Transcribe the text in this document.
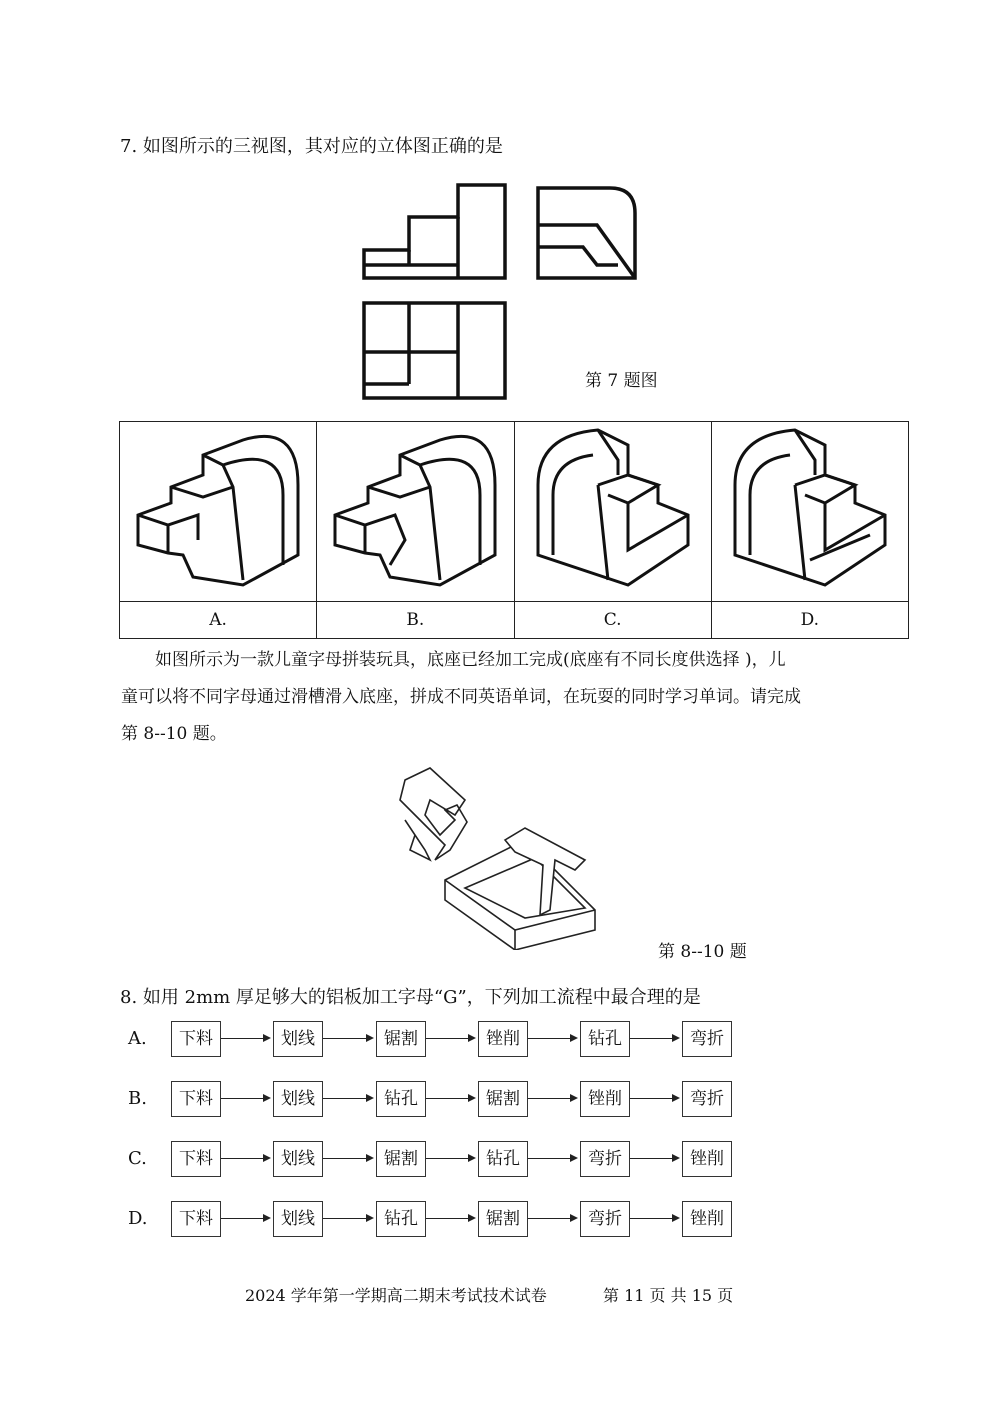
7. 如图所示的三视图，其对应的立体图正确的是
第 7 题图

A.	B.	C.	D.

如图所示为一款儿童字母拼装玩具，底座已经加工完成(底座有不同长度供选择 )，儿

童可以将不同字母通过滑槽滑入底座，拼成不同英语单词，在玩耍的同时学习单词。请完成
第 8--10 题。
第 8--10 题
8. 如用 2mm 厚足够大的铝板加工字母“G”，下列加工流程中最合理的是
A.	下料	划线	锯割	锉削	钻孔	弯折
B.	下料	划线	钻孔	锯割	锉削	弯折
C.	下料	划线	锯割	钻孔	弯折	锉削
D.	下料	划线	钻孔	锯割	弯折	锉削
2024 学年第一学期高二期末考试技术试卷	第 11 页 共 15 页
